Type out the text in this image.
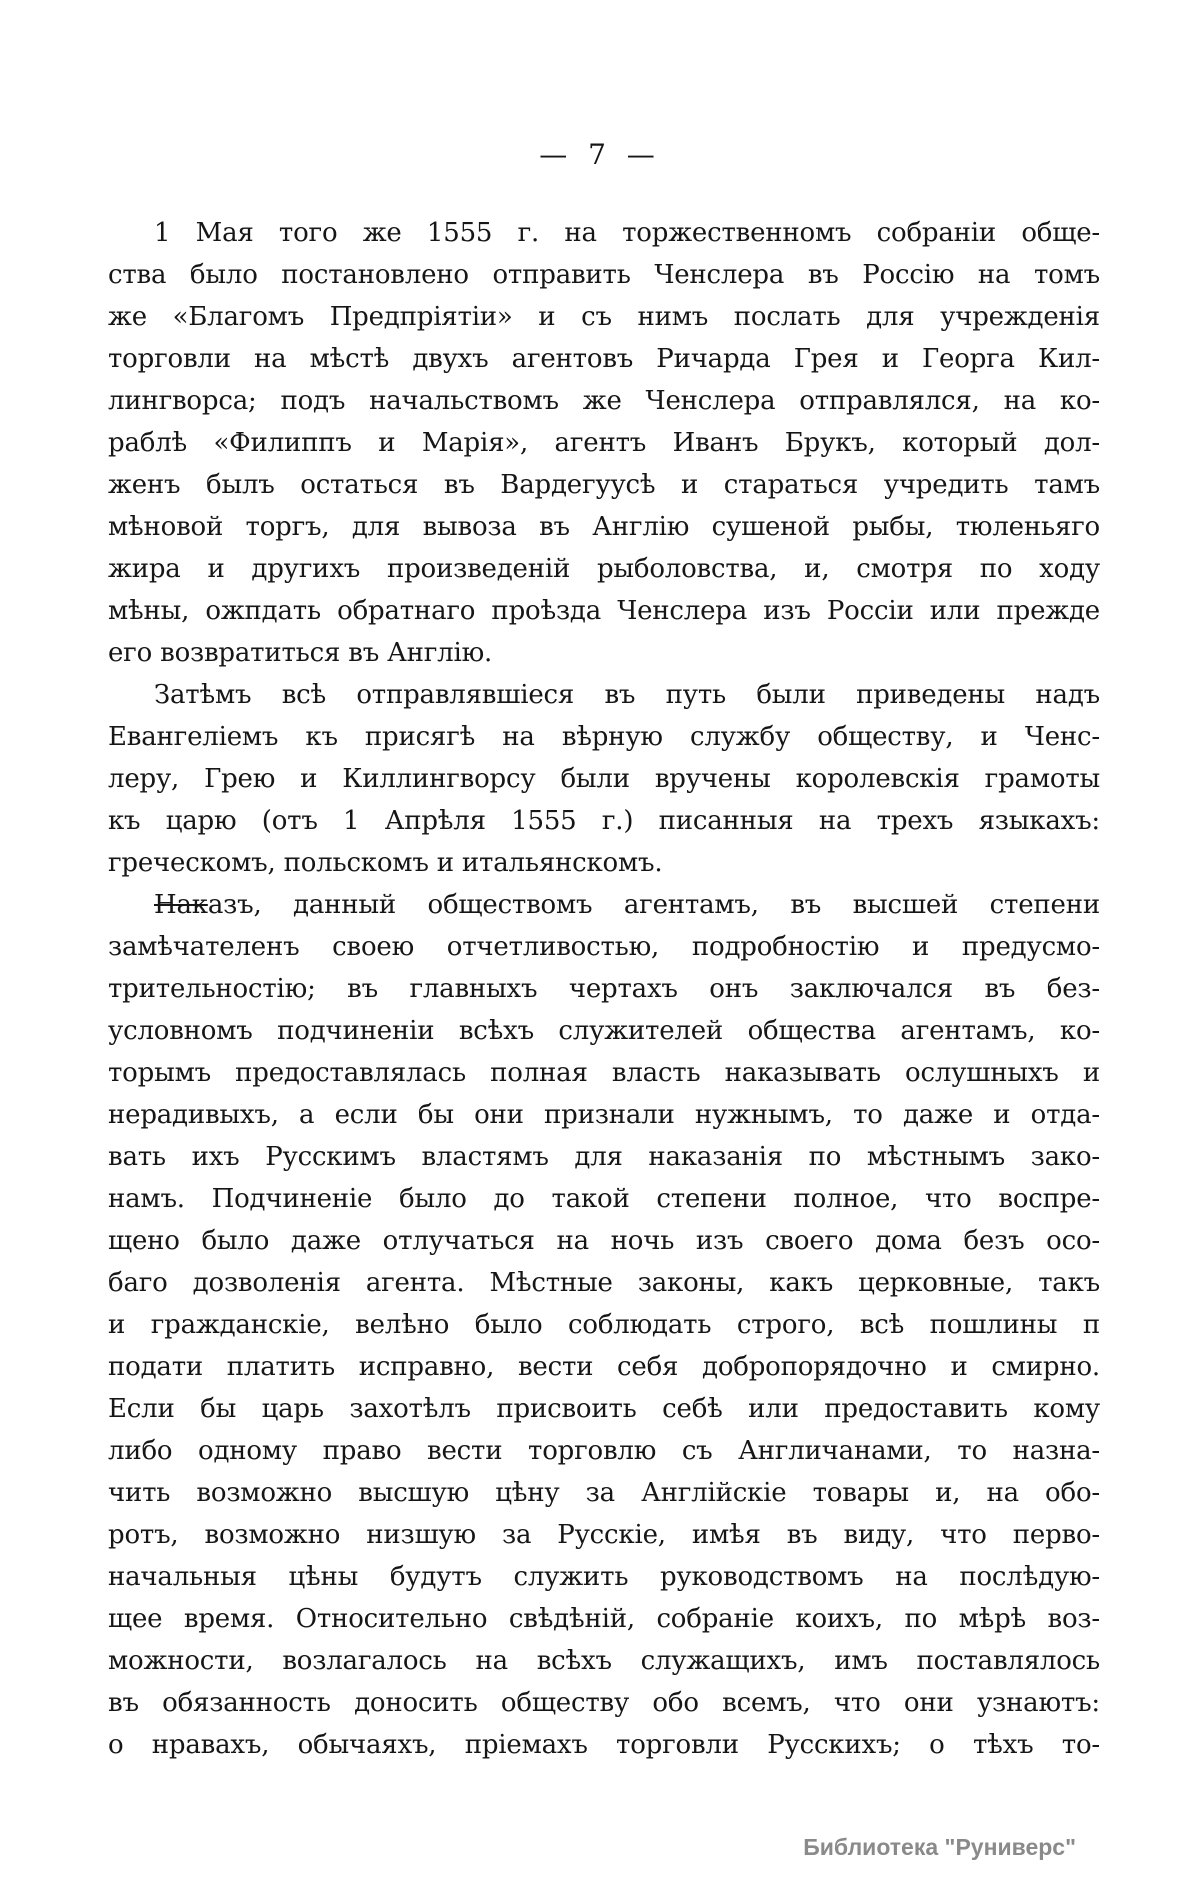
— 7 —
1 Мая того же 1555 г. на торжественномъ собраніи обще-
ства было постановлено отправить Ченслера въ Россію на томъ
же «Благомъ Предпріятіи» и съ нимъ послать для учрежденія
торговли на мѣстѣ двухъ агентовъ Ричарда Грея и Георга Кил-
лингворса; подъ начальствомъ же Ченслера отправлялся, на ко-
раблѣ «Филиппъ и Марія», агентъ Иванъ Брукъ, который дол-
женъ былъ остаться въ Вардегуусѣ и стараться учредить тамъ
мѣновой торгъ, для вывоза въ Англію сушеной рыбы, тюленьяго
жира и другихъ произведеній рыболовства, и, смотря по ходу
мѣны, ожпдать обратнаго проѣзда Ченслера изъ Россіи или прежде
его возвратиться въ Англію.
Затѣмъ всѣ отправлявшіеся въ путь были приведены надъ
Евангеліемъ къ присягѣ на вѣрную службу обществу, и Ченс-
леру, Грею и Киллингворсу были вручены королевскія грамоты
къ царю (отъ 1 Апрѣля 1555 г.) писанныя на трехъ языкахъ:
греческомъ, польскомъ и итальянскомъ.
Наказъ, данный обществомъ агентамъ, въ высшей степени
замѣчателенъ своею отчетливостью, подробностію и предусмо-
трительностію; въ главныхъ чертахъ онъ заключался въ без-
условномъ подчиненіи всѣхъ служителей общества агентамъ, ко-
торымъ предоставлялась полная власть наказывать ослушныхъ и
нерадивыхъ, а если бы они признали нужнымъ, то даже и отда-
вать ихъ Русскимъ властямъ для наказанія по мѣстнымъ зако-
намъ. Подчиненіе было до такой степени полное, что воспре-
щено было даже отлучаться на ночь изъ своего дома безъ осо-
баго дозволенія агента. Мѣстные законы, какъ церковные, такъ
и гражданскіе, велѣно было соблюдать строго, всѣ пошлины п
подати платить исправно, вести себя добропорядочно и смирно.
Если бы царь захотѣлъ присвоить себѣ или предоставить кому
либо одному право вести торговлю съ Англичанами, то назна-
чить возможно высшую цѣну за Англійскіе товары и, на обо-
ротъ, возможно низшую за Русскіе, имѣя въ виду, что перво-
начальныя цѣны будутъ служить руководствомъ на послѣдую-
щее время. Относительно свѣдѣній, собраніе коихъ, по мѣрѣ воз-
можности, возлагалось на всѣхъ служащихъ, имъ поставлялось
въ обязанность доносить обществу обо всемъ, что они узнаютъ:
о нравахъ, обычаяхъ, пріемахъ торговли Русскихъ; о тѣхъ то-
Библиотека "Руниверс"
